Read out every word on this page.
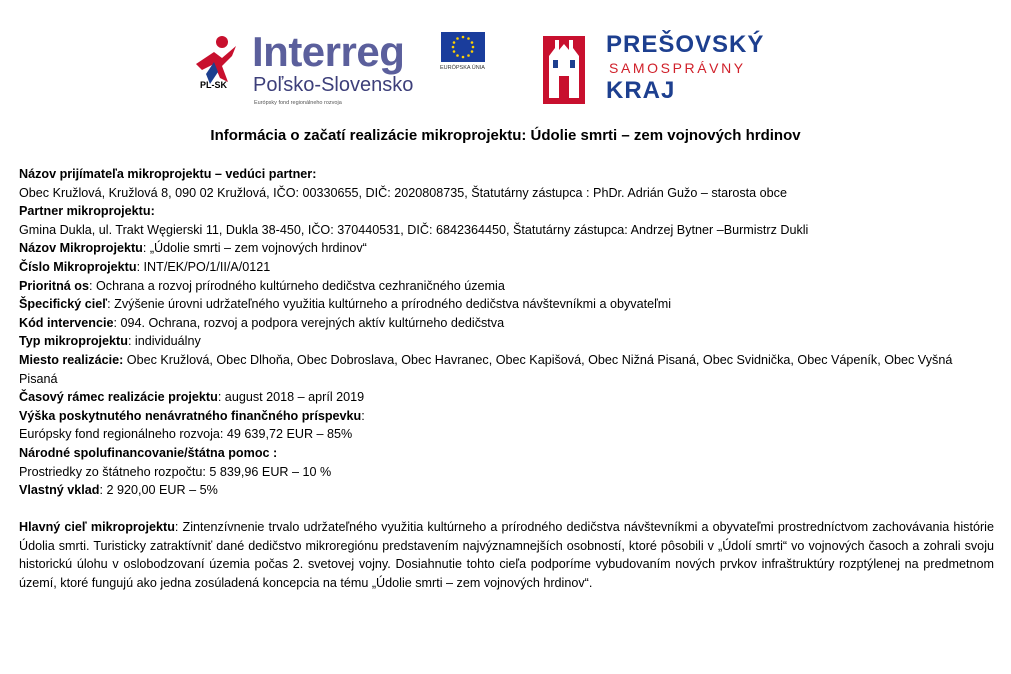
PL-SK
Interreg
Poľsko-Slovensko
Európsky fond regionálneho rozvoja
EURÓPSKA ÚNIA
PREŠOVSKÝ
SAMOSPRÁVNY
KRAJ
Informácia o začatí realizácie mikroprojektu: Údolie smrti – zem vojnových hrdinov
Názov prijímateľa mikroprojektu – vedúci partner:
Obec Kružlová, Kružlová 8, 090 02 Kružlová, IČO: 00330655, DIČ: 2020808735, Štatutárny zástupca : PhDr. Adrián Gužo – starosta obce
Partner mikroprojektu:
Gmina Dukla, ul. Trakt Węgierski 11, Dukla 38-450, IČO: 370440531, DIČ: 6842364450, Štatutárny zástupca: Andrzej Bytner –Burmistrz Dukli
Názov Mikroprojektu: „Údolie smrti – zem vojnových hrdinov“
Číslo Mikroprojektu: INT/EK/PO/1/II/A/0121
Prioritná os: Ochrana a rozvoj prírodného kultúrneho dedičstva cezhraničného územia
Špecifický cieľ: Zvýšenie úrovni udržateľného využitia kultúrneho a prírodného dedičstva návštevníkmi a obyvateľmi
Kód intervencie: 094. Ochrana, rozvoj a podpora verejných aktív kultúrneho dedičstva
Typ mikroprojektu: individuálny
Miesto realizácie: Obec Kružlová, Obec Dlhoňa, Obec Dobroslava, Obec Havranec, Obec Kapišová, Obec Nižná Pisaná, Obec Svidnička, Obec Vápeník, Obec Vyšná Pisaná
Časový rámec realizácie projektu: august 2018 – apríl 2019
Výška poskytnutého nenávratného finančného príspevku:
Európsky fond regionálneho rozvoja: 49 639,72 EUR – 85%
Národné spolufinancovanie/štátna pomoc :
Prostriedky zo štátneho rozpočtu: 5 839,96 EUR – 10 %
Vlastný vklad: 2 920,00 EUR – 5%
Hlavný cieľ mikroprojektu: Zintenzívnenie trvalo udržateľného využitia kultúrneho a prírodného dedičstva návštevníkmi a obyvateľmi prostredníctvom zachovávania histórie Údolia smrti. Turisticky zatraktívniť dané dedičstvo mikroregiónu predstavením najvýznamnejších osobností, ktoré pôsobili v „Údolí smrti“ vo vojnových časoch a zohrali svoju historickú úlohu v oslobodzovaní územia počas 2. svetovej vojny. Dosiahnutie tohto cieľa podporíme vybudovaním nových prvkov infraštruktúry rozptýlenej na predmetnom území, ktoré fungujú ako jedna zosúladená koncepcia na tému „Údolie smrti – zem vojnových hrdinov“.
